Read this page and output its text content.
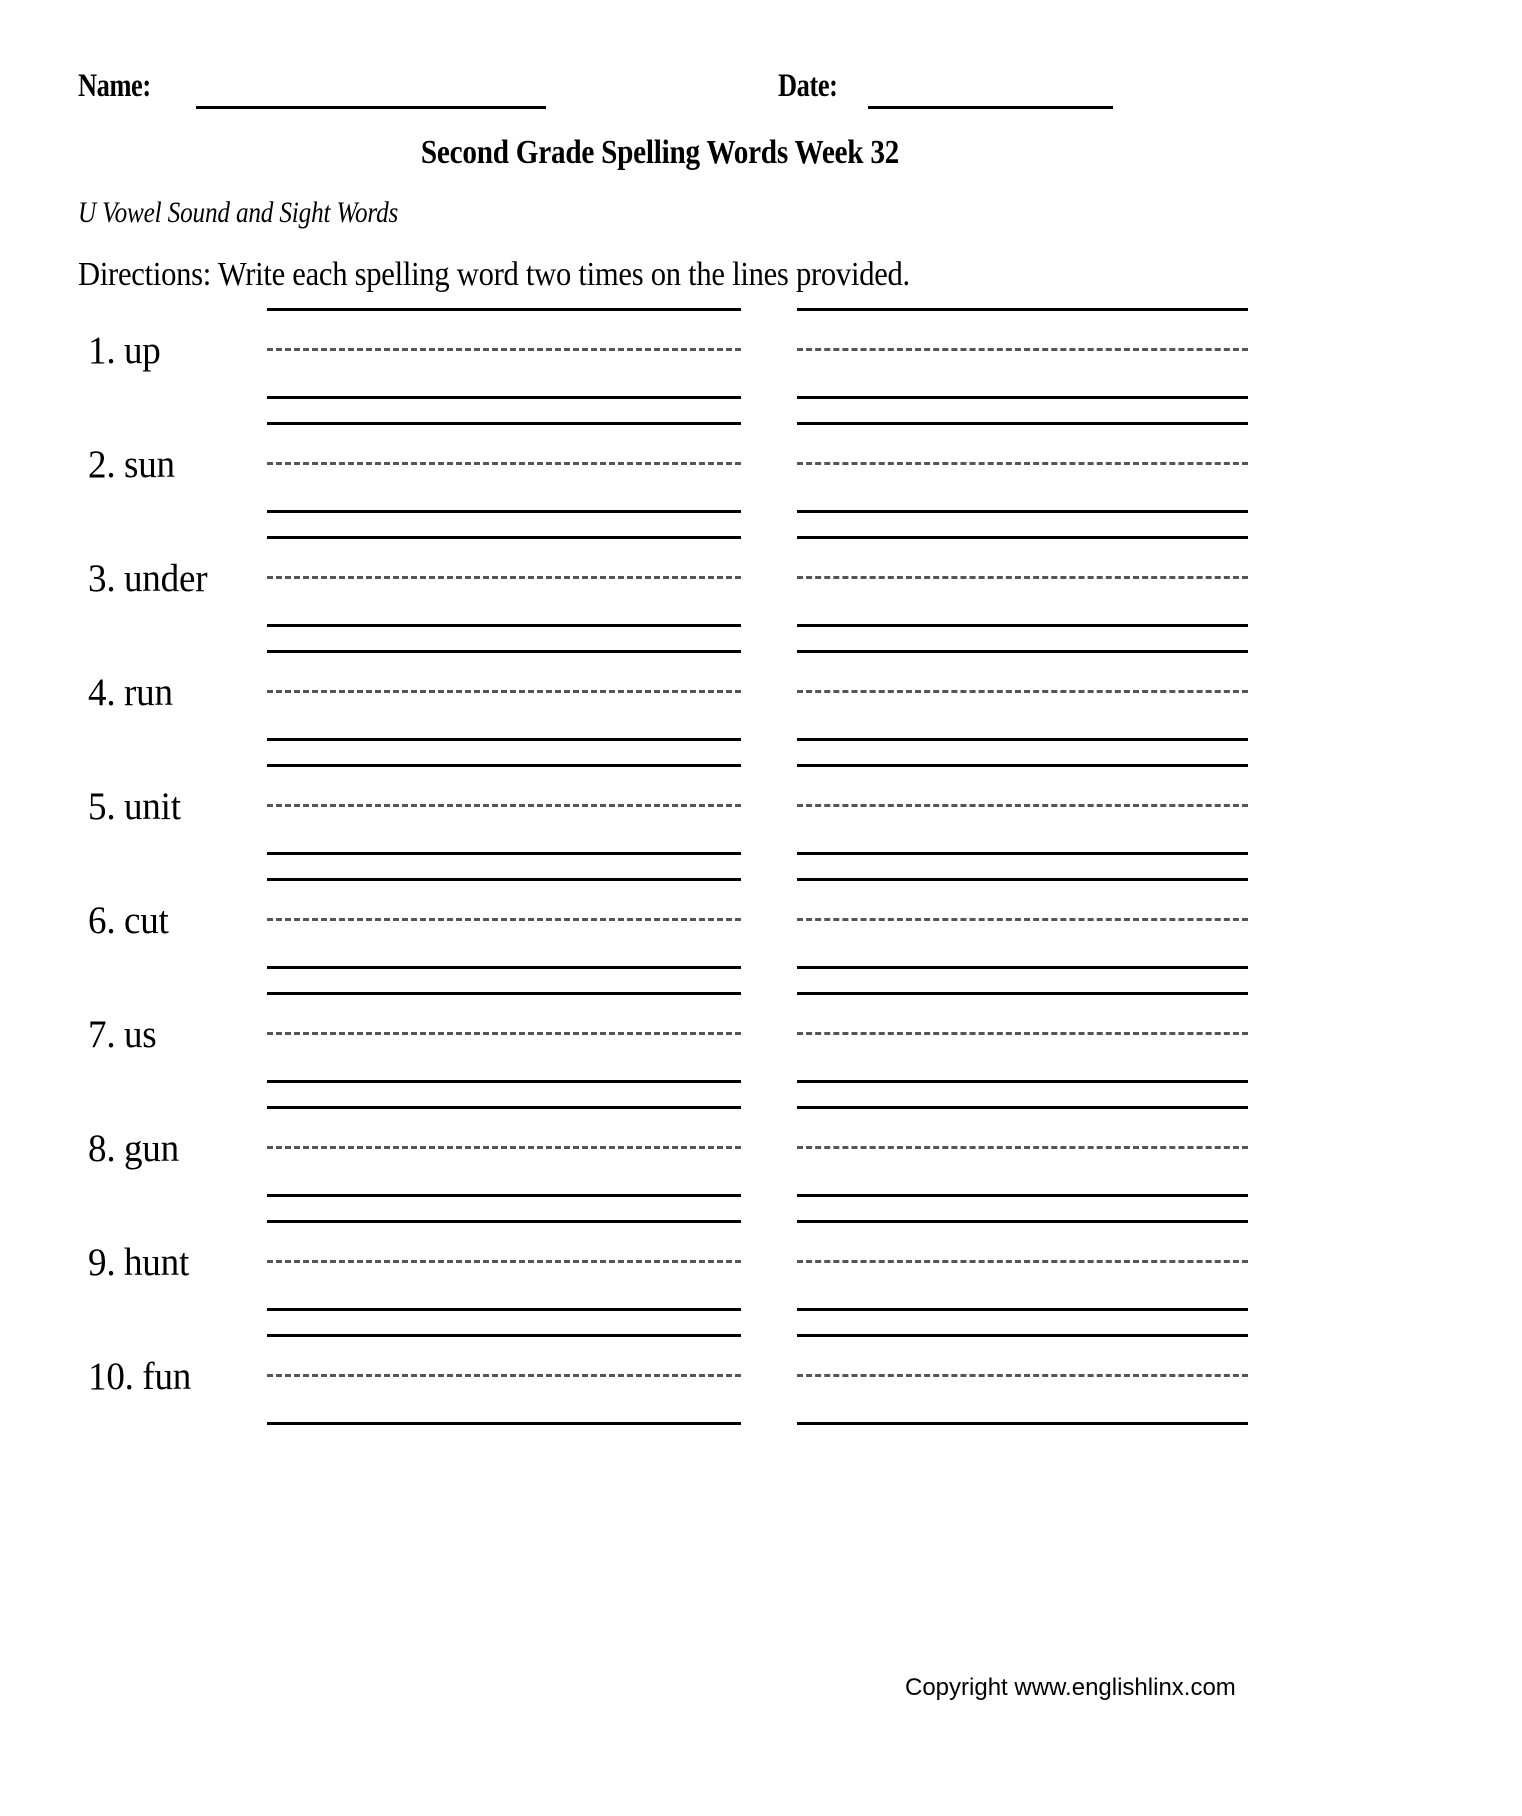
Name:	Date:
Second Grade Spelling Words Week 32
U Vowel Sound and Sight Words
Directions: Write each spelling word two times on the lines provided.
1. up
2. sun
3. under
4. run
5. unit
6. cut
7. us
8. gun
9. hunt
10. fun
Copyright www.englishlinx.com
